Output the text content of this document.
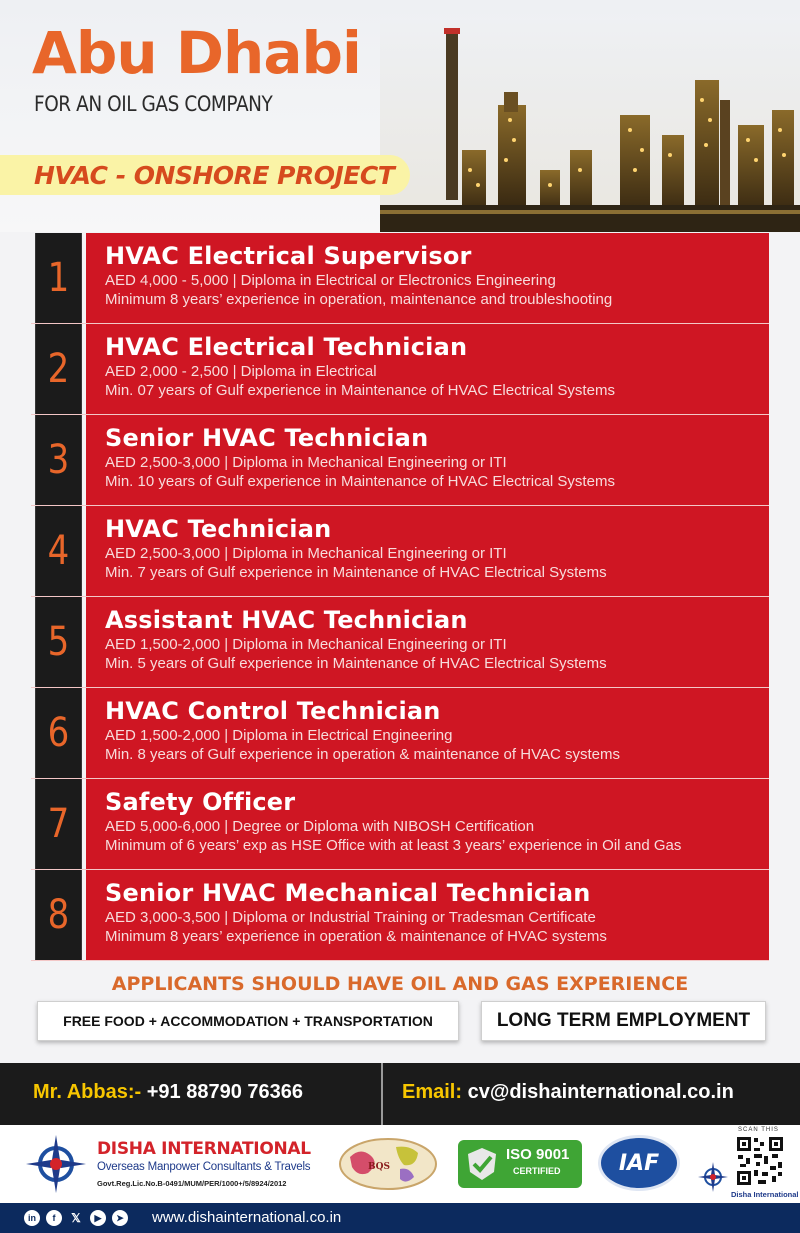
Abu Dhabi
FOR AN OIL GAS COMPANY
HVAC - ONSHORE PROJECT
1	HVAC Electrical Supervisor
AED 4,000 - 5,000 | Diploma in Electrical or Electronics Engineering
Minimum 8 years’ experience in operation, maintenance and troubleshooting
2	HVAC Electrical Technician
AED 2,000 - 2,500 | Diploma in Electrical
Min. 07 years of Gulf experience in Maintenance of HVAC Electrical Systems
3	Senior HVAC Technician
AED 2,500-3,000 | Diploma in Mechanical Engineering or ITI
Min. 10 years of Gulf experience in Maintenance of HVAC Electrical Systems
4	HVAC Technician
AED 2,500-3,000 | Diploma in Mechanical Engineering or ITI
Min. 7 years of Gulf experience in Maintenance of HVAC Electrical Systems
5	Assistant HVAC Technician
AED 1,500-2,000 | Diploma in Mechanical Engineering or ITI
Min. 5 years of Gulf experience in Maintenance of HVAC Electrical Systems
6	HVAC Control Technician
AED 1,500-2,000 | Diploma in Electrical Engineering
Min. 8 years of Gulf experience in operation & maintenance of HVAC systems
7	Safety Officer
AED 5,000-6,000 | Degree or Diploma with NIBOSH Certification
Minimum of 6 years’ exp as HSE Office with at least 3 years’ experience in Oil and Gas
8	Senior HVAC Mechanical Technician
AED 3,000-3,500 | Diploma or Industrial Training or Tradesman Certificate
Minimum 8 years’ experience in operation & maintenance of HVAC systems
APPLICANTS SHOULD HAVE OIL AND GAS EXPERIENCE
FREE FOOD + ACCOMMODATION + TRANSPORTATION	LONG TERM EMPLOYMENT
Mr. Abbas:- +91 88790 76366	Email: cv@dishainternational.co.in
DISHA INTERNATIONAL
Overseas Manpower Consultants & Travels
Govt.Reg.Lic.No.B-0491/MUM/PER/1000+/5/8924/2012
BQS
ISO 9001
CERTIFIED	IAF
SCAN THIS
Disha International
in	f	𝕏	▶	➤ www.dishainternational.co.in
